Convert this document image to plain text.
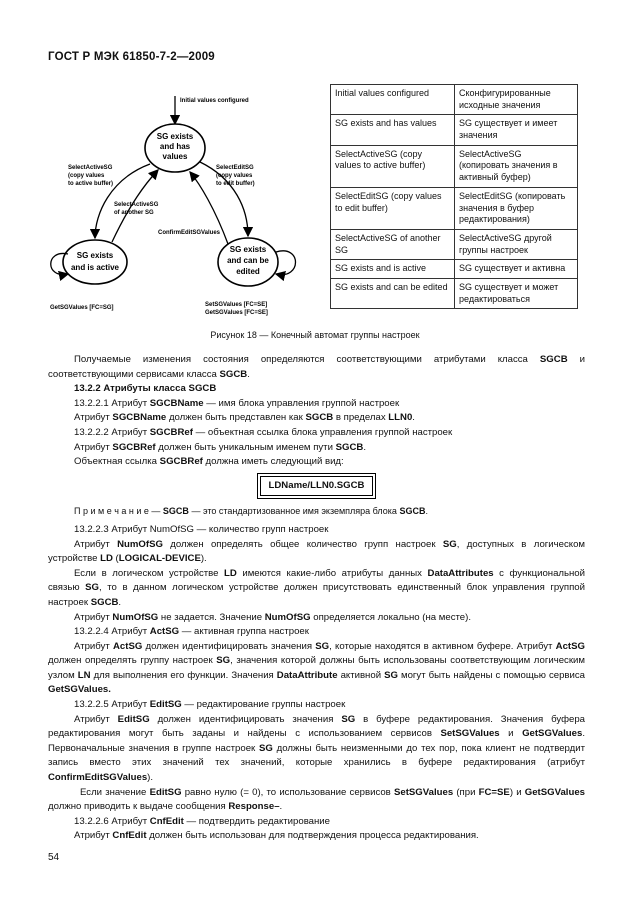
ГОСТ Р МЭК 61850-7-2—2009
Initial values configured
SG exists
and has
values
SG exists
and is active
SG exists
and can be
edited
SelectActiveSG
(copy values
to active buffer)
SelectActiveSG
of another SG
SelectEditSG
(copy values
to edit buffer)
ConfirmEditSGValues
GetSGValues [FC=SG]	SetSGValues [FC=SE]
GetSGValues [FC=SE]
Initial values configured	Сконфигурированные исходные значения
SG exists and has values	SG существует и имеет значения
SelectActiveSG (copy values to active buffer)	SelectActiveSG (копировать значения в активный буфер)
SelectEditSG (copy values to edit buffer)	SelectEditSG (копировать значения в буфер редактирования)
SelectActiveSG of another SG	SelectActiveSG другой группы настроек
SG exists and is active	SG существует и активна
SG exists and can be edited	SG существует и может редактироваться
Рисунок 18 — Конечный автомат группы настроек

Получаемые изменения состояния определяются соответствующими атрибутами класса SGCB и соответствующими сервисами класса SGCB.

13.2.2 Атрибуты класса SGCB

13.2.2.1 Атрибут SGCBName — имя блока управления группой настроек

Атрибут SGCBName должен быть представлен как SGCB в пределах LLN0.

13.2.2.2 Атрибут SGCBRef — объектная ссылка блока управления группой настроек

Атрибут SGCBRef должен быть уникальным именем пути SGCB.

Объектная ссылка SGCBRef должна иметь следующий вид:

LDName/LLN0.SGCB

П р и м е ч а н и е — SGCB — это стандартизованное имя экземпляра блока SGCB.

13.2.2.3 Атрибут NumOfSG — количество групп настроек

Атрибут NumOfSG должен определять общее количество групп настроек SG, доступных в логическом устройстве LD (LOGICAL-DEVICE).

Если в логическом устройстве LD имеются какие-либо атрибуты данных DataAttributes с функциональной связью SG, то в данном логическом устройстве должен присутствовать единственный блок управления группой настроек SGCB.

Атрибут NumOfSG не задается. Значение NumOfSG определяется локально (на месте).

13.2.2.4 Атрибут ActSG — активная группа настроек

Атрибут ActSG должен идентифицировать значения SG, которые находятся в активном буфере. Атрибут ActSG должен определять группу настроек SG, значения которой должны быть использованы соответствующим логическим узлом LN для выполнения его функции. Значения DataAttribute активной SG могут быть найдены с помощью сервиса GetSGValues.

13.2.2.5 Атрибут EditSG — редактирование группы настроек

Атрибут EditSG должен идентифицировать значения SG в буфере редактирования. Значения буфера редактирования могут быть заданы и найдены с использованием сервисов SetSGValues и GetSGValues. Первоначальные значения в группе настроек SG должны быть неизменными до тех пор, пока клиент не подтвердит запись вместо этих значений тех значений, которые хранились в буфере редактирования (атрибут ConfirmEditSGValues).

Если значение EditSG равно нулю (= 0), то использование сервисов SetSGValues (при FC=SE) и GetSGValues должно приводить к выдаче сообщения Response–.

13.2.2.6 Атрибут CnfEdit — подтвердить редактирование

Атрибут CnfEdit должен быть использован для подтверждения процесса редактирования.

54
